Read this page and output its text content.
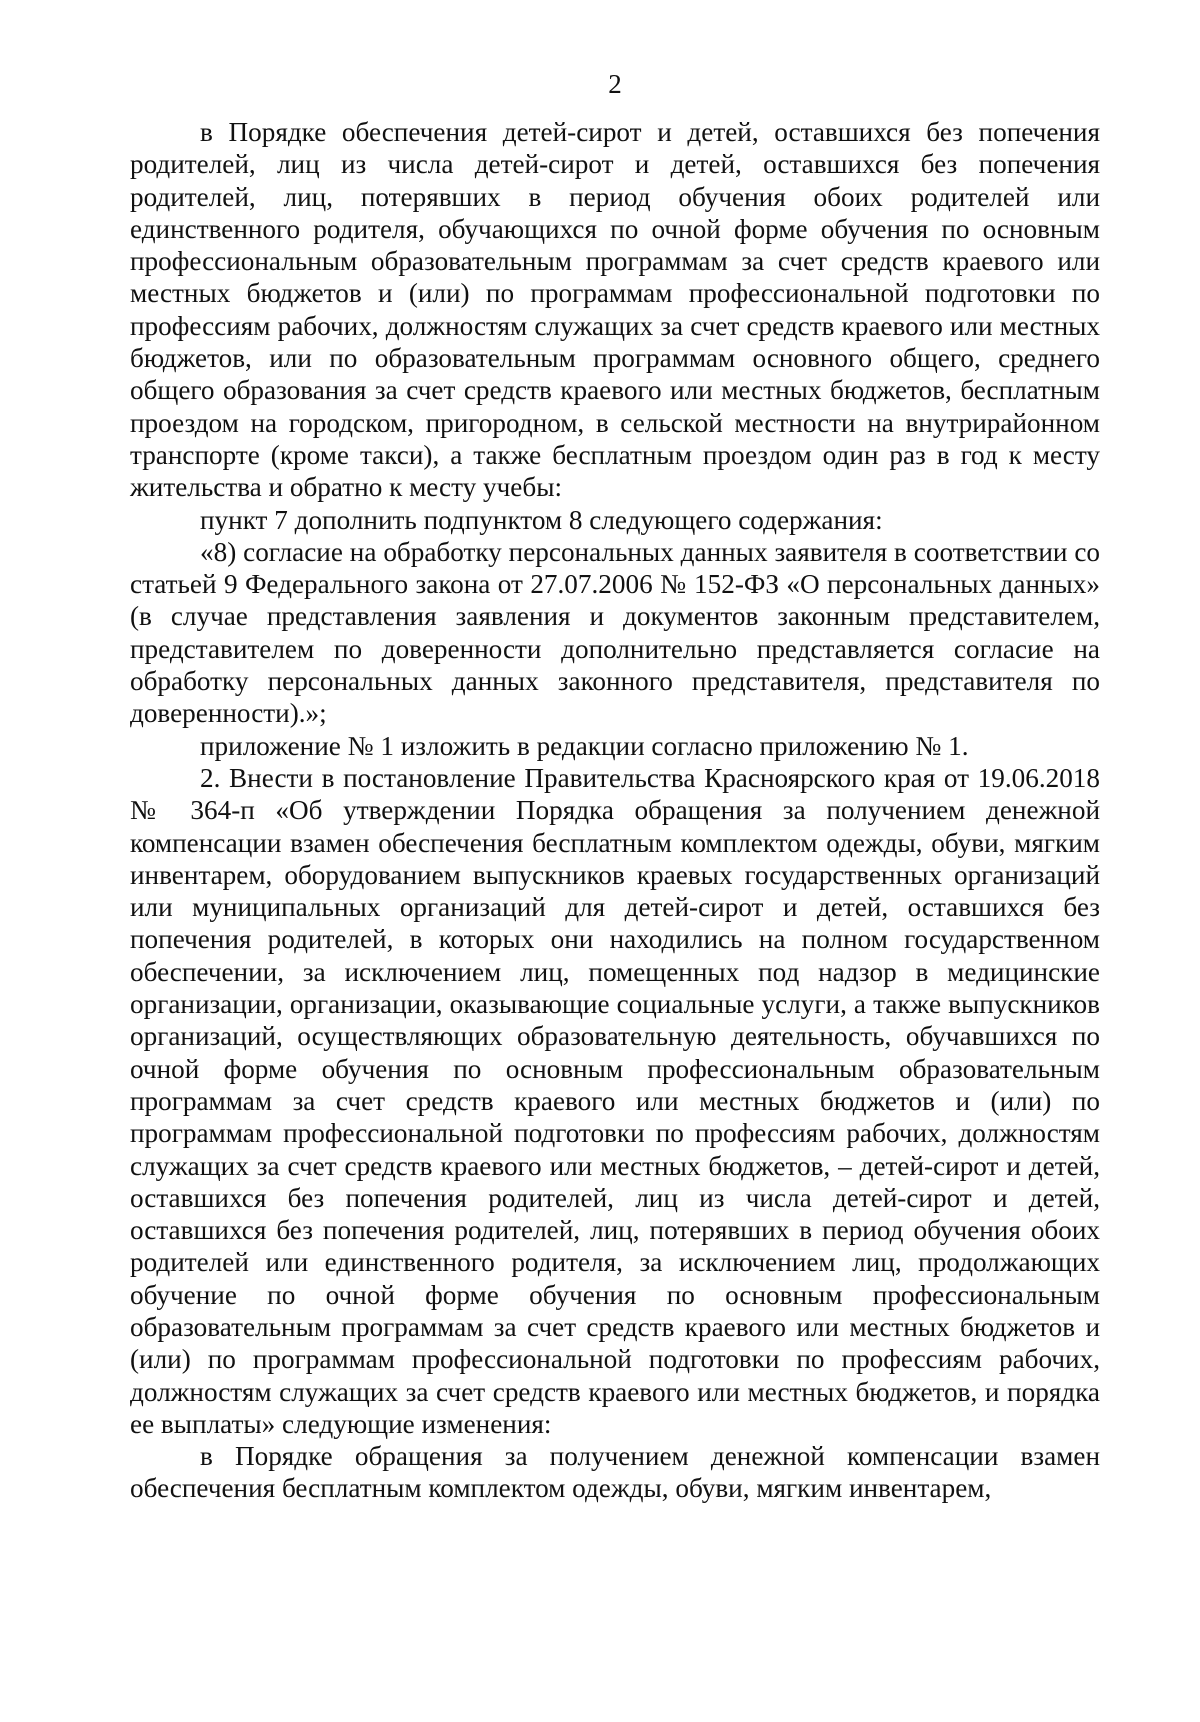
2

в Порядке обеспечения детей-сирот и детей, оставшихся без попечения родителей, лиц из числа детей-сирот и детей, оставшихся без попечения родителей, лиц, потерявших в период обучения обоих родителей или единственного родителя, обучающихся по очной форме обучения по основным профессиональным образовательным программам за счет средств краевого или местных бюджетов и (или) по программам профессиональной подготовки по профессиям рабочих, должностям служащих за счет средств краевого или местных бюджетов, или по образовательным программам основного общего, среднего общего образования за счет средств краевого или местных бюджетов, бесплатным проездом на городском, пригородном, в сельской местности на внутрирайонном транспорте (кроме такси), а также бесплатным проездом один раз в год к месту жительства и обратно к месту учебы:

пункт 7 дополнить подпунктом 8 следующего содержания:

«8) согласие на обработку персональных данных заявителя в соответствии со статьей 9 Федерального закона от 27.07.2006 № 152-ФЗ «О персональных данных» (в случае представления заявления и документов законным представителем, представителем по доверенности дополнительно представляется согласие на обработку персональных данных законного представителя, представителя по доверенности).»;

приложение № 1 изложить в редакции согласно приложению № 1.

2. Внести в постановление Правительства Красноярского края от 19.06.2018 № 364-п «Об утверждении Порядка обращения за получением денежной компенсации взамен обеспечения бесплатным комплектом одежды, обуви, мягким инвентарем, оборудованием выпускников краевых государственных организаций или муниципальных организаций для детей-сирот и детей, оставшихся без попечения родителей, в которых они находились на полном государственном обеспечении, за исключением лиц, помещенных под надзор в медицинские организации, организации, оказывающие социальные услуги, а также выпускников организаций, осуществляющих образовательную деятельность, обучавшихся по очной форме обучения по основным профессиональным образовательным программам за счет средств краевого или местных бюджетов и (или) по программам профессиональной подготовки по профессиям рабочих, должностям служащих за счет средств краевого или местных бюджетов, – детей-сирот и детей, оставшихся без попечения родителей, лиц из числа детей-сирот и детей, оставшихся без попечения родителей, лиц, потерявших в период обучения обоих родителей или единственного родителя, за исключением лиц, продолжающих обучение по очной форме обучения по основным профессиональным образовательным программам за счет средств краевого или местных бюджетов и (или) по программам профессиональной подготовки по профессиям рабочих, должностям служащих за счет средств краевого или местных бюджетов, и порядка ее выплаты» следующие изменения:

в Порядке обращения за получением денежной компенсации взамен обеспечения бесплатным комплектом одежды, обуви, мягким инвентарем,
